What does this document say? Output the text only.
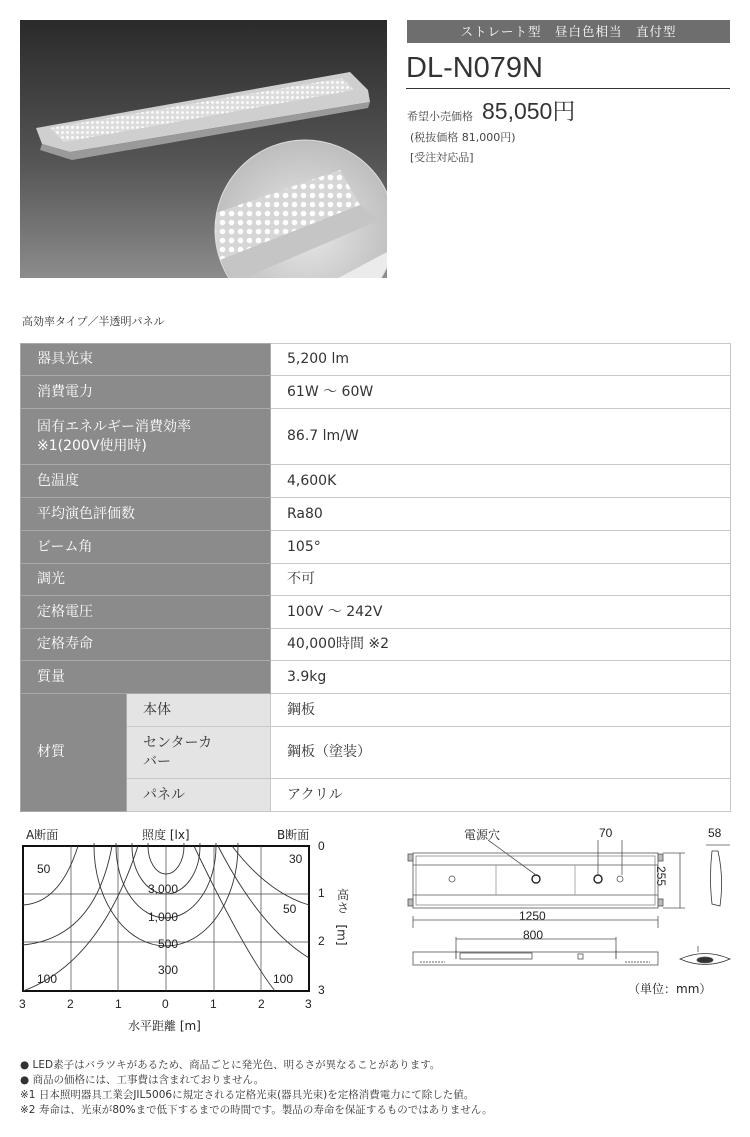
ストレート型　昼白色相当　直付型
DL-N079N
希望小売価格 85,050円
(税抜価格 81,000円)
[受注対応品]
高効率タイプ／半透明パネル
器具光束		5,200 lm
消費電力		61W 〜 60W

固有エネルギー消費効率
※1(200V使用時)		86.7 lm/W
色温度		4,600K
平均演色評価数		Ra80
ビーム角		105°
調光		不可
定格電圧		100V 〜 242V
定格寿命		40,000時間 ※2
質量		3.9kg
材質	本体	鋼板

	センターカ
バー	鋼板（塗装）
	パネル	アクリル
A断面	照度 [lx]	B断面
50
30
3,000
1,000
50
500
300
100	100
0
1
2
3
高さ
[m]
3	2	1	0	1	2	3
水平距離 [m]
電源穴	70	58
255
1250
800
（単位：mm）
● LED素子はバラツキがあるため、商品ごとに発光色、明るさが異なることがあります。
● 商品の価格には、工事費は含まれておりません。
※1 日本照明器具工業会JIL5006に規定される定格光束(器具光束)を定格消費電力にて除した値。
※2 寿命は、光束が80%まで低下するまでの時間です。製品の寿命を保証するものではありません。
